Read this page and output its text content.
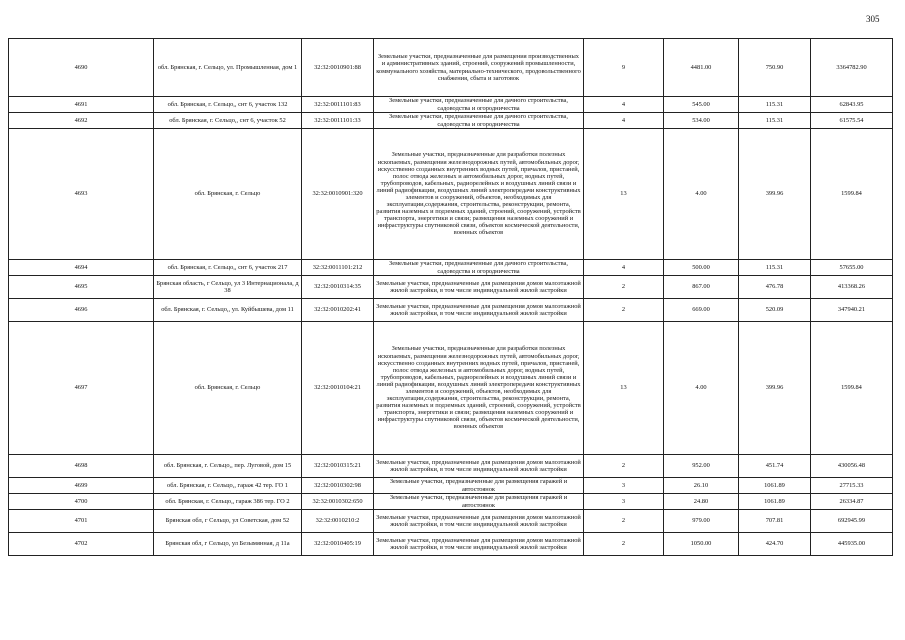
305
4690	обл. Брянская, г. Сельцо, ул. Промышленная, дом 1	32:32:0010901:88	Земельные участки, предназначенные для размещения производственных и административных зданий, строений, сооружений промышленности, коммунального хозяйства, материально-технического, продовольственного снабжения, сбыта и заготовок	9	4481.00	750.90	3364782.90
4691	обл. Брянская, г. Сельцо,, снт 6, участок 132	32:32:0011101:83	Земельные участки, предназначенные для дачного строительства, садоводства и огородничества	4	545.00	115.31	62843.95
4692	обл. Брянская, г. Сельцо,, снт 6, участок 52	32:32:0011101:33	Земельные участки, предназначенные для дачного строительства, садоводства и огородничества	4	534.00	115.31	61575.54
4693	обл. Брянская, г. Сельцо	32:32:0010901:320	Земельные участки, предназначенные для разработки полезных ископаемых, размещения железнодорожных путей, автомобильных дорог, искусственно созданных внутренних водных путей, причалов, пристаней, полос отвода железных и автомобильных дорог, водных путей, трубопроводов, кабельных, радиорелейных и воздушных линий связи и линий радиофикации, воздушных линий электропередачи конструктивных элементов и сооружений, объектов, необходимых для эксплуатации,содержания, строительства, реконструкции, ремонта, развития наземных и подземных зданий, строений, сооружений, устройств транспорта, энергетики и связи; размещения наземных сооружений и инфраструктуры спутниковой связи, объектов космической деятельности, военных объектов	13	4.00	399.96	1599.84
4694	обл. Брянская, г. Сельцо,, снт 6, участок 217	32:32:0011101:212	Земельные участки, предназначенные для дачного строительства, садоводства и огородничества	4	500.00	115.31	57655.00
4695	Брянская область, г Сельцо, ул 3 Интернационала, д 38	32:32:0010314:35	Земельные участки, предназначенные для размещения домов малоэтажной жилой застройки, в том числе индивидуальной жилой застройки	2	867.00	476.78	413368.26
4696	обл. Брянская, г. Сельцо,, ул. Куйбышева, дом 11	32:32:0010202:41	Земельные участки, предназначенные для размещения домов малоэтажной жилой застройки, в том числе индивидуальной жилой застройки	2	669.00	520.09	347940.21
4697	обл. Брянская, г. Сельцо	32:32:0010104:21	Земельные участки, предназначенные для разработки полезных ископаемых, размещения железнодорожных путей, автомобильных дорог, искусственно созданных внутренних водных путей, причалов, пристаней, полос отвода железных и автомобильных дорог, водных путей, трубопроводов, кабельных, радиорелейных и воздушных линий связи и линий радиофикации, воздушных линий электропередачи конструктивных элементов и сооружений, объектов, необходимых для эксплуатации,содержания, строительства, реконструкции, ремонта, развития наземных и подземных зданий, строений, сооружений, устройств транспорта, энергетики и связи; размещения наземных сооружений и инфраструктуры спутниковой связи, объектов космической деятельности, военных объектов	13	4.00	399.96	1599.84
4698	обл. Брянская, г. Сельцо,, пер. Луговой, дом 15	32:32:0010315:21	Земельные участки, предназначенные для размещения домов малоэтажной жилой застройки, в том числе индивидуальной жилой застройки	2	952.00	451.74	430056.48
4699	обл. Брянская, г. Сельцо,, гараж 42 тер. ГО 1	32:32:0010302:98	Земельные участки, предназначенные для размещения гаражей и автостоянок	3	26.10	1061.89	27715.33
4700	обл. Брянская, г. Сельцо,, гараж 386 тер. ГО 2	32:32:0010302:650	Земельные участки, предназначенные для размещения гаражей и автостоянок	3	24.80	1061.89	26334.87
4701	Брянская обл, г Сельцо, ул Советская, дом 52	32:32:0010210:2	Земельные участки, предназначенные для размещения домов малоэтажной жилой застройки, в том числе индивидуальной жилой застройки	2	979.00	707.81	692945.99
4702	Брянская обл, г Сельцо, ул Безымянная, д 11а	32:32:0010405:19	Земельные участки, предназначенные для размещения домов малоэтажной жилой застройки, в том числе индивидуальной жилой застройки	2	1050.00	424.70	445935.00
